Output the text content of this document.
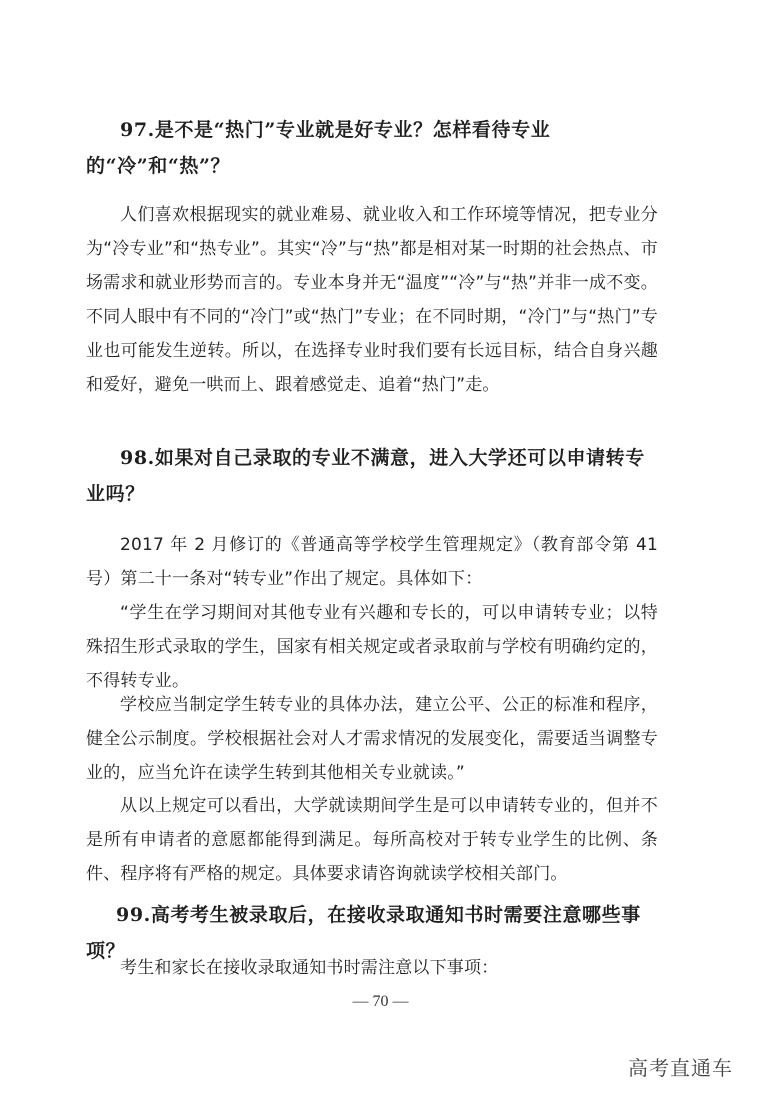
97.是不是“热门”专业就是好专业？怎样看待专业的“冷”和“热”？

人们喜欢根据现实的就业难易、就业收入和工作环境等情况，把专业分为“冷专业”和“热专业”。其实“冷”与“热”都是相对某一时期的社会热点、市场需求和就业形势而言的。专业本身并无“温度”“冷”与“热”并非一成不变。不同人眼中有不同的“冷门”或“热门”专业；在不同时期，“冷门”与“热门”专业也可能发生逆转。所以，在选择专业时我们要有长远目标，结合自身兴趣和爱好，避免一哄而上、跟着感觉走、追着“热门”走。

98.如果对自己录取的专业不满意，进入大学还可以申请转专业吗？

2017 年 2 月修订的《普通高等学校学生管理规定》（教育部令第 41 号）第二十一条对“转专业”作出了规定。具体如下：

“学生在学习期间对其他专业有兴趣和专长的，可以申请转专业；以特殊招生形式录取的学生，国家有相关规定或者录取前与学校有明确约定的，不得转专业。

学校应当制定学生转专业的具体办法，建立公平、公正的标准和程序，健全公示制度。学校根据社会对人才需求情况的发展变化，需要适当调整专业的，应当允许在读学生转到其他相关专业就读。”

从以上规定可以看出，大学就读期间学生是可以申请转专业的，但并不是所有申请者的意愿都能得到满足。每所高校对于转专业学生的比例、条件、程序将有严格的规定。具体要求请咨询就读学校相关部门。

99.高考考生被录取后，在接收录取通知书时需要注意哪些事项？

考生和家长在接收录取通知书时需注意以下事项：

— 70 —
高考直通车
